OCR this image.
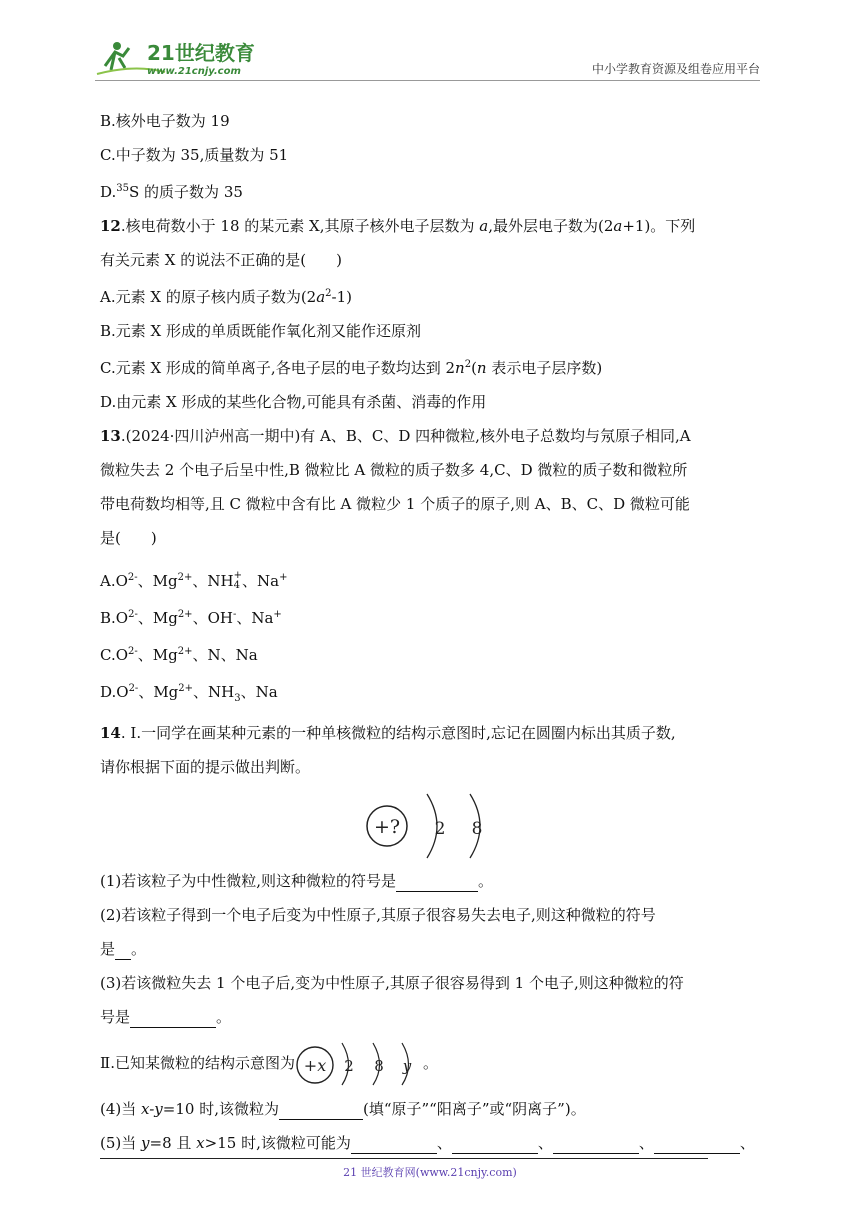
21世纪教育
www.21cnjy.com	中小学教育资源及组卷应用平台
B.核外电子数为 19
C.中子数为 35,质量数为 51
D.$^{35}$S 的质子数为 35
12.核电荷数小于 18 的某元素 X,其原子核外电子层数为 a,最外层电子数为(2a+1)。下列
有关元素 X 的说法不正确的是(　　)
A.元素 X 的原子核内质子数为$(2a^2-1)$
B.元素 X 形成的单质既能作氧化剂又能作还原剂
C.元素 X 形成的简单离子,各电子层的电子数均达到 $2n^2(n$ 表示电子层序数)
D.由元素 X 形成的某些化合物,可能具有杀菌、消毒的作用
13.(2024·四川泸州高一期中)有 A、B、C、D 四种微粒,核外电子总数均与氖原子相同,A
微粒失去 2 个电子后呈中性,B 微粒比 A 微粒的质子数多 4,C、D 微粒的质子数和微粒所
带电荷数均相等,且 C 微粒中含有比 A 微粒少 1 个质子的原子,则 A、B、C、D 微粒可能
是(　　)
$A.O^{2-}$、$Mg^{2+}$、NH +
4 、Na+
$B.O^{2-}$、$Mg^{2+}$、OH-、Na+
$C.O^{2-}$、$Mg^{2+}$、N、Na
$D.O^{2-}$、$Mg^{2+}$、$NH_3$、Na
14. Ⅰ.一同学在画某种元素的一种单核微粒的结构示意图时,忘记在圆圈内标出其质子数,
请你根据下面的提示做出判断。
+? 2 8
(1)若该粒子为中性微粒,则这种微粒的符号是	。
(2)若该粒子得到一个电子后变为中性原子,其原子很容易失去电子,则这种微粒的符号
是 。
(3)若该微粒失去 1 个电子后,变为中性原子,其原子很容易得到 1 个电子,则这种微粒的符
号是	。
Ⅱ.已知某微粒的结构示意图为 +x 2 8 y 。
(4)当 x-y=10 时,该微粒为	(填“原子”“阳离子”或“阴离子”)。
(5)当 y=8 且 x>15 时,该微粒可能为	、	、	、	、
21 世纪教育网(www.21cnjy.com)
